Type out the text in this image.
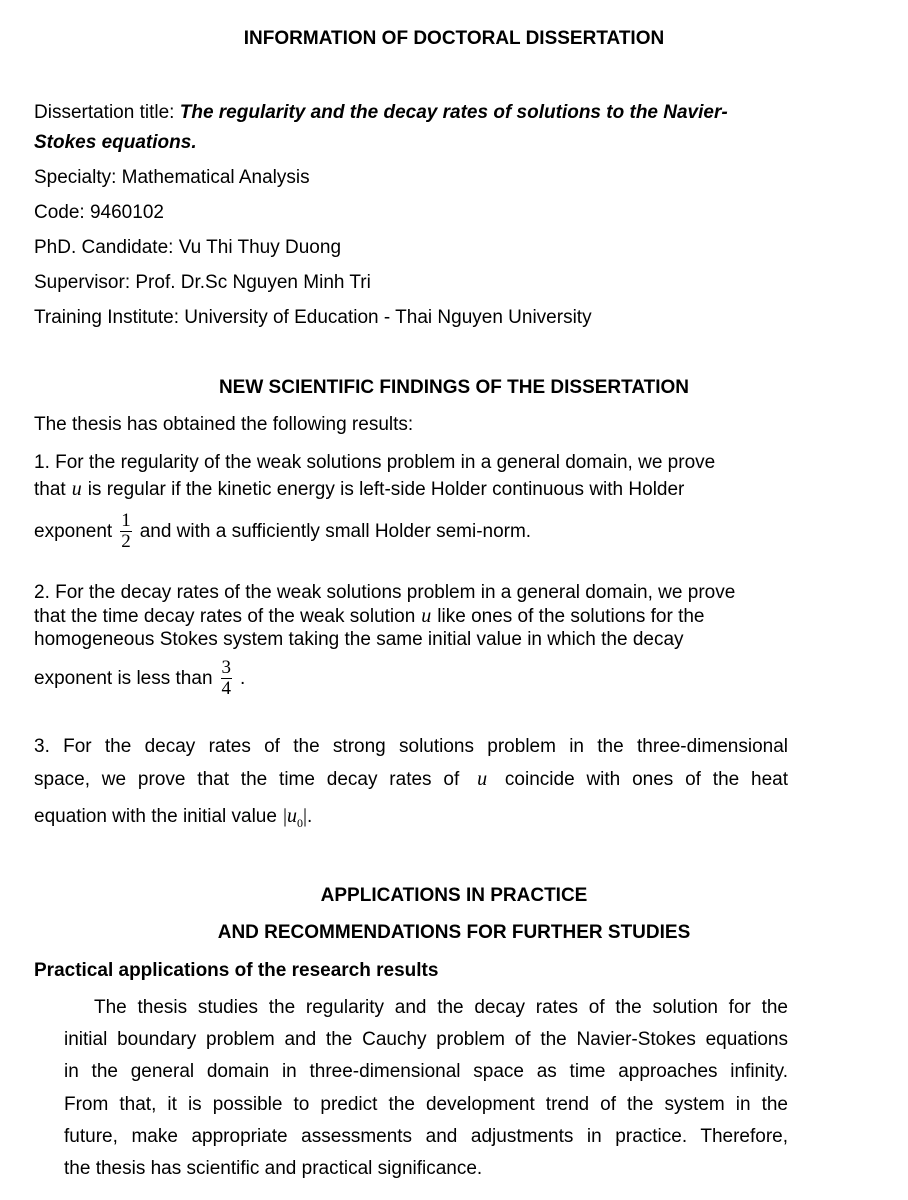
INFORMATION OF DOCTORAL DISSERTATION
Dissertation title: The regularity and the decay rates of solutions to the Navier-
Stokes equations.
Specialty: Mathematical Analysis
Code: 9460102
PhD. Candidate: Vu Thi Thuy Duong
Supervisor: Prof. Dr.Sc Nguyen Minh Tri
Training Institute: University of Education - Thai Nguyen University
NEW SCIENTIFIC FINDINGS OF THE DISSERTATION
The thesis has obtained the following results:
1. For the regularity of the weak solutions problem in a general domain, we prove
that u is regular if the kinetic energy is left-side Holder continuous with Holder
exponent $\frac{1}{2}$ and with a sufficiently small Holder semi-norm.
2. For the decay rates of the weak solutions problem in a general domain, we prove
that the time decay rates of the weak solution u like ones of the solutions for the
homogeneous Stokes system taking the same initial value in which the decay
exponent is less than $\frac{3}{4}$ .
3. For the decay rates of the strong solutions problem in the three-dimensional
space, we prove that the time decay rates of u coincide with ones of the heat
equation with the initial value $|u_0|$.
APPLICATIONS IN PRACTICE
AND RECOMMENDATIONS FOR FURTHER STUDIES
Practical applications of the research results
The thesis studies the regularity and the decay rates of the solution for the
initial boundary problem and the Cauchy problem of the Navier-Stokes equations
in the general domain in three-dimensional space as time approaches infinity.
From that, it is possible to predict the development trend of the system in the
future, make appropriate assessments and adjustments in practice. Therefore,
the thesis has scientific and practical significance.
